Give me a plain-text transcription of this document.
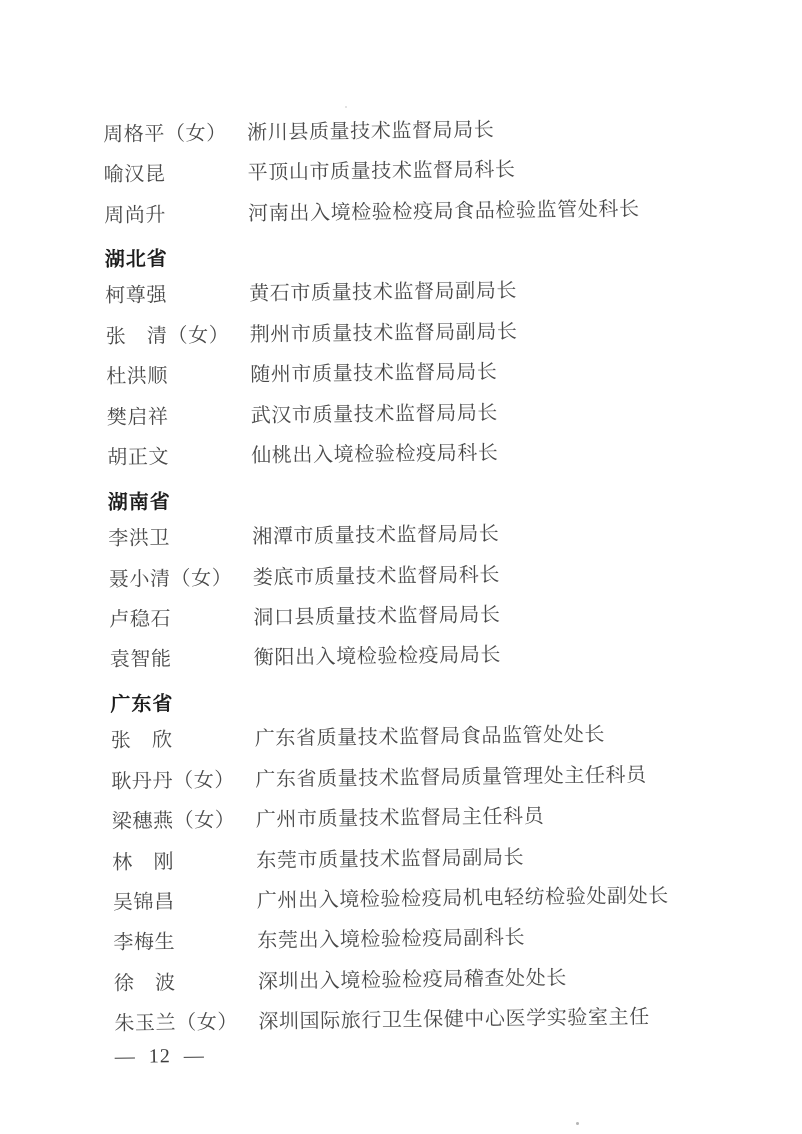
周格平（女）	淅川县质量技术监督局局长
喻汉昆	平顶山市质量技术监督局科长
周尚升	河南出入境检验检疫局食品检验监管处科长
湖北省
柯尊强	黄石市质量技术监督局副局长
张　清（女）	荆州市质量技术监督局副局长
杜洪顺	随州市质量技术监督局局长
樊启祥	武汉市质量技术监督局局长
胡正文	仙桃出入境检验检疫局科长
湖南省
李洪卫	湘潭市质量技术监督局局长
聂小清（女）	娄底市质量技术监督局科长
卢稳石	洞口县质量技术监督局局长
袁智能	衡阳出入境检验检疫局局长
广东省
张　欣	广东省质量技术监督局食品监管处处长
耿丹丹（女）	广东省质量技术监督局质量管理处主任科员
梁穗燕（女）	广州市质量技术监督局主任科员
林　刚	东莞市质量技术监督局副局长
吴锦昌	广州出入境检验检疫局机电轻纺检验处副处长
李梅生	东莞出入境检验检疫局副科长
徐　波	深圳出入境检验检疫局稽查处处长
朱玉兰（女）	深圳国际旅行卫生保健中心医学实验室主任
— 12 —
